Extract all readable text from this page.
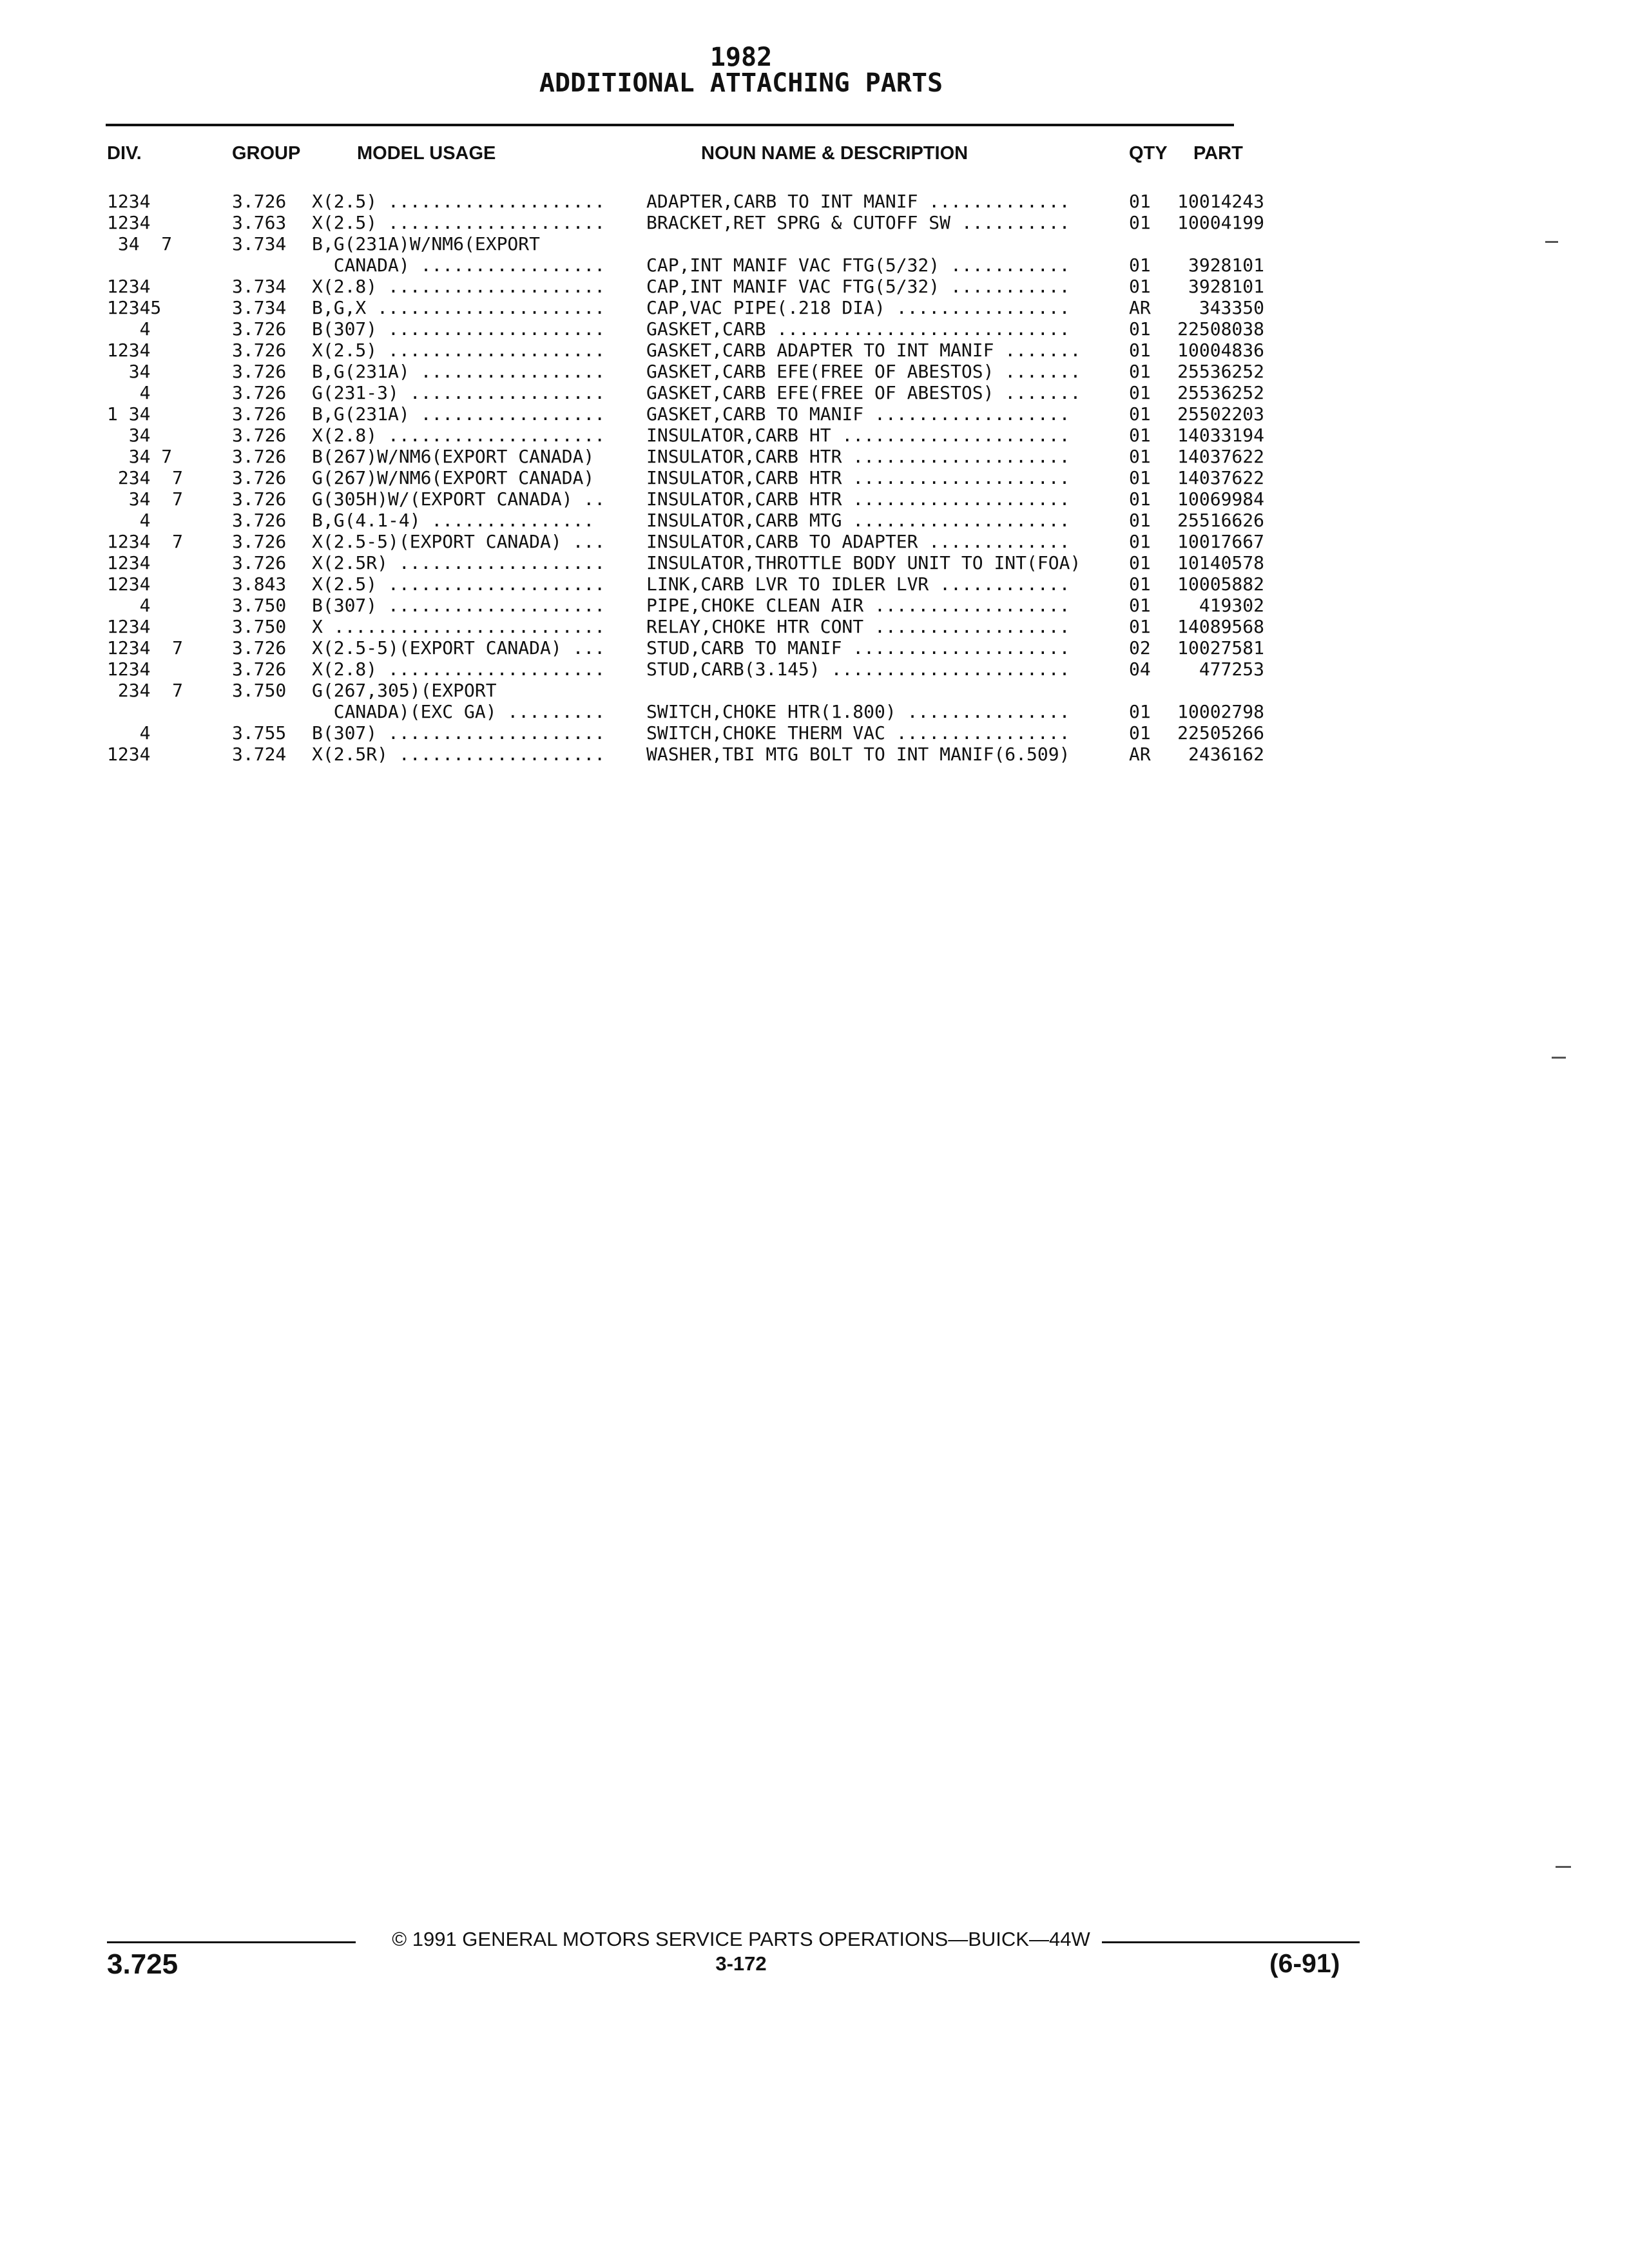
1982
ADDITIONAL ATTACHING PARTS
DIV.	GROUP	MODEL USAGE	NOUN NAME & DESCRIPTION	QTY PART
1234	3.726 X(2.5) ....................	ADAPTER,CARB TO INT MANIF .............	01	10014243
1234	3.763 X(2.5) ....................	BRACKET,RET SPRG & CUTOFF SW ..........	01	10004199
34  7	3.734 B,G(231A)W/NM6(EXPORT
CANADA) .................	CAP,INT MANIF VAC FTG(5/32) ...........	01	3928101
1234	3.734 X(2.8) ....................	CAP,INT MANIF VAC FTG(5/32) ...........	01	3928101
12345	3.734 B,G,X .....................	CAP,VAC PIPE(.218 DIA) ................	AR	343350
4	3.726 B(307) ....................	GASKET,CARB ...........................	01	22508038
1234	3.726 X(2.5) ....................	GASKET,CARB ADAPTER TO INT MANIF .......	01	10004836
34	3.726 B,G(231A) .................	GASKET,CARB EFE(FREE OF ABESTOS) .......	01	25536252
4	3.726 G(231-3) ..................	GASKET,CARB EFE(FREE OF ABESTOS) .......	01	25536252
1 34	3.726 B,G(231A) .................	GASKET,CARB TO MANIF ..................	01	25502203
34	3.726 X(2.8) ....................	INSULATOR,CARB HT .....................	01	14033194
34 7	3.726 B(267)W/NM6(EXPORT CANADA)	INSULATOR,CARB HTR ....................	01	14037622
234  7	3.726 G(267)W/NM6(EXPORT CANADA)	INSULATOR,CARB HTR ....................	01	14037622
34  7	3.726 G(305H)W/(EXPORT CANADA) ..	INSULATOR,CARB HTR ....................	01	10069984
4	3.726 B,G(4.1-4) ...............	INSULATOR,CARB MTG ....................	01	25516626
1234  7	3.726 X(2.5-5)(EXPORT CANADA) ...	INSULATOR,CARB TO ADAPTER .............	01	10017667
1234	3.726 X(2.5R) ...................	INSULATOR,THROTTLE BODY UNIT TO INT(FOA)	01	10140578
1234	3.843 X(2.5) ....................	LINK,CARB LVR TO IDLER LVR ............	01	10005882
4	3.750 B(307) ....................	PIPE,CHOKE CLEAN AIR ..................	01	419302
1234	3.750 X .........................	RELAY,CHOKE HTR CONT ..................	01	14089568
1234  7	3.726 X(2.5-5)(EXPORT CANADA) ...	STUD,CARB TO MANIF ....................	02	10027581
1234	3.726 X(2.8) ....................	STUD,CARB(3.145) ......................	04	477253
234  7	3.750 G(267,305)(EXPORT
CANADA)(EXC GA) .........	SWITCH,CHOKE HTR(1.800) ...............	01	10002798
4	3.755 B(307) ....................	SWITCH,CHOKE THERM VAC ................	01	22505266
1234	3.724 X(2.5R) ...................	WASHER,TBI MTG BOLT TO INT MANIF(6.509)	AR	2436162
© 1991 GENERAL MOTORS SERVICE PARTS OPERATIONS—BUICK—44W
3.725	3-172	(6-91)
